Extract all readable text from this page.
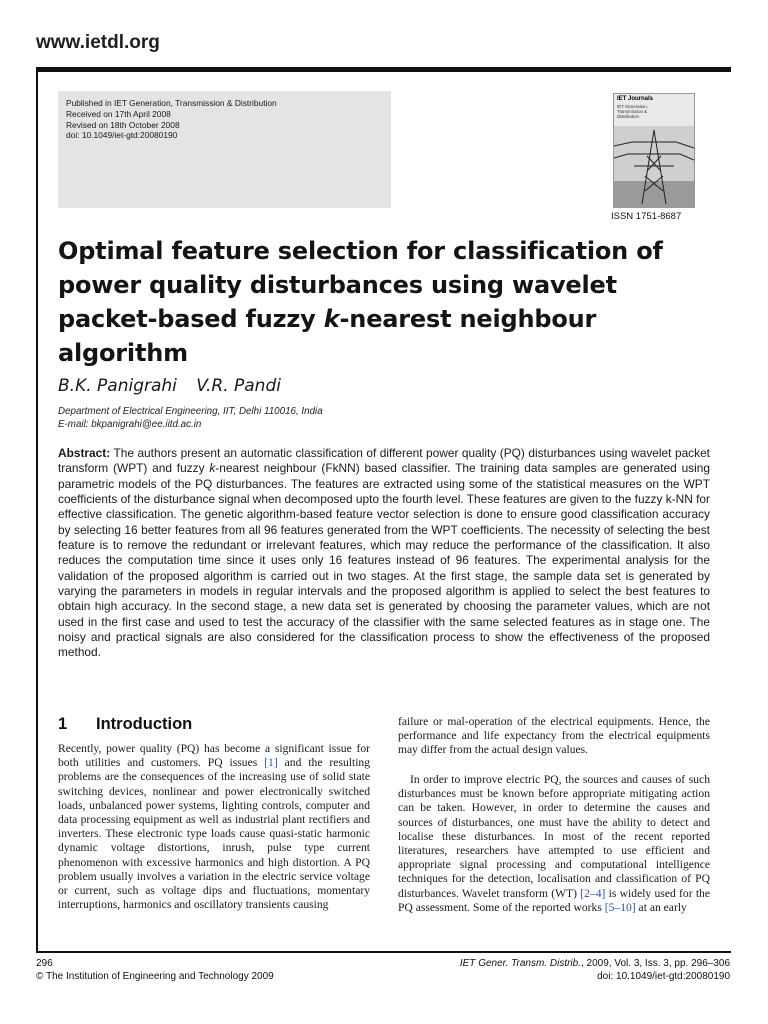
www.ietdl.org
Published in IET Generation, Transmission & Distribution
Received on 17th April 2008
Revised on 18th October 2008
doi: 10.1049/iet-gtd:20080190
IET Journals
IET Generation, Transmission & Distribution
ISSN 1751-8687
Optimal feature selection for classification of
power quality disturbances using wavelet
packet-based fuzzy k-nearest neighbour
algorithm
B.K. Panigrahi V.R. Pandi
Department of Electrical Engineering, IIT, Delhi 110016, India
E-mail: bkpanigrahi@ee.iitd.ac.in

Abstract: The authors present an automatic classification of different power quality (PQ) disturbances using wavelet packet transform (WPT) and fuzzy k-nearest neighbour (FkNN) based classifier. The training data samples are generated using parametric models of the PQ disturbances. The features are extracted using some of the statistical measures on the WPT coefficients of the disturbance signal when decomposed upto the fourth level. These features are given to the fuzzy k-NN for effective classification. The genetic algorithm-based feature vector selection is done to ensure good classification accuracy by selecting 16 better features from all 96 features generated from the WPT coefficients. The necessity of selecting the best feature is to remove the redundant or irrelevant features, which may reduce the performance of the classification. It also reduces the computation time since it uses only 16 features instead of 96 features. The experimental analysis for the validation of the proposed algorithm is carried out in two stages. At the first stage, the sample data set is generated by varying the parameters in models in regular intervals and the proposed algorithm is applied to select the best features to obtain high accuracy. In the second stage, a new data set is generated by choosing the parameter values, which are not used in the first case and used to test the accuracy of the classifier with the same selected features as in stage one. The noisy and practical signals are also considered for the classification process to show the effectiveness of the proposed method.

1 Introduction

Recently, power quality (PQ) has become a significant issue for both utilities and customers. PQ issues [1] and the resulting problems are the consequences of the increasing use of solid state switching devices, nonlinear and power electronically switched loads, unbalanced power systems, lighting controls, computer and data processing equipment as well as industrial plant rectifiers and inverters. These electronic type loads cause quasi-static harmonic dynamic voltage distortions, inrush, pulse type current phenomenon with excessive harmonics and high distortion. A PQ problem usually involves a variation in the electric service voltage or current, such as voltage dips and fluctuations, momentary interruptions, harmonics and oscillatory transients causing

failure or mal-operation of the electrical equipments. Hence, the performance and life expectancy from the electrical equipments may differ from the actual design values.

In order to improve electric PQ, the sources and causes of such disturbances must be known before appropriate mitigating action can be taken. However, in order to determine the causes and sources of disturbances, one must have the ability to detect and localise these disturbances. In most of the recent reported literatures, researchers have attempted to use efficient and appropriate signal processing and computational intelligence techniques for the detection, localisation and classification of PQ disturbances. Wavelet transform (WT) [2–4] is widely used for the PQ assessment. Some of the reported works [5–10] at an early

296
© The Institution of Engineering and Technology 2009
IET Gener. Transm. Distrib., 2009, Vol. 3, Iss. 3, pp. 296–306
doi: 10.1049/iet-gtd:20080190
